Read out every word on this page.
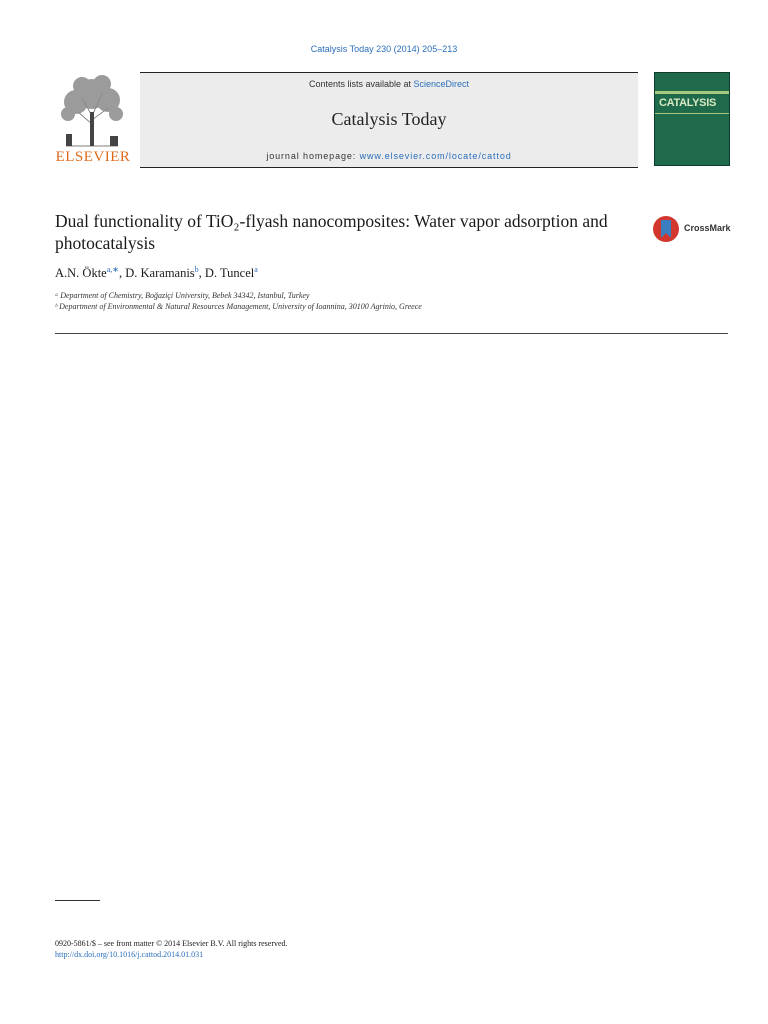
Catalysis Today 230 (2014) 205–213
ELSEVIER
Contents lists available at ScienceDirect
Catalysis Today
journal homepage: www.elsevier.com/locate/cattod
CATALYSIS
Dual functionality of TiO₂-flyash nanocomposites: Water vapor adsorption and photocatalysis
CrossMark
A.N. Ökte$^{a,∗}$, D. Karamanis$^b$, D. Tuncel$^a$
ᵃ Department of Chemistry, Boğaziçi University, Bebek 34342, Istanbul, Turkey
ᵇ Department of Environmental & Natural Resources Management, University of Ioannina, 30100 Agrinio, Greece
0920-5861/$ – see front matter © 2014 Elsevier B.V. All rights reserved.
http://dx.doi.org/10.1016/j.cattod.2014.01.031
